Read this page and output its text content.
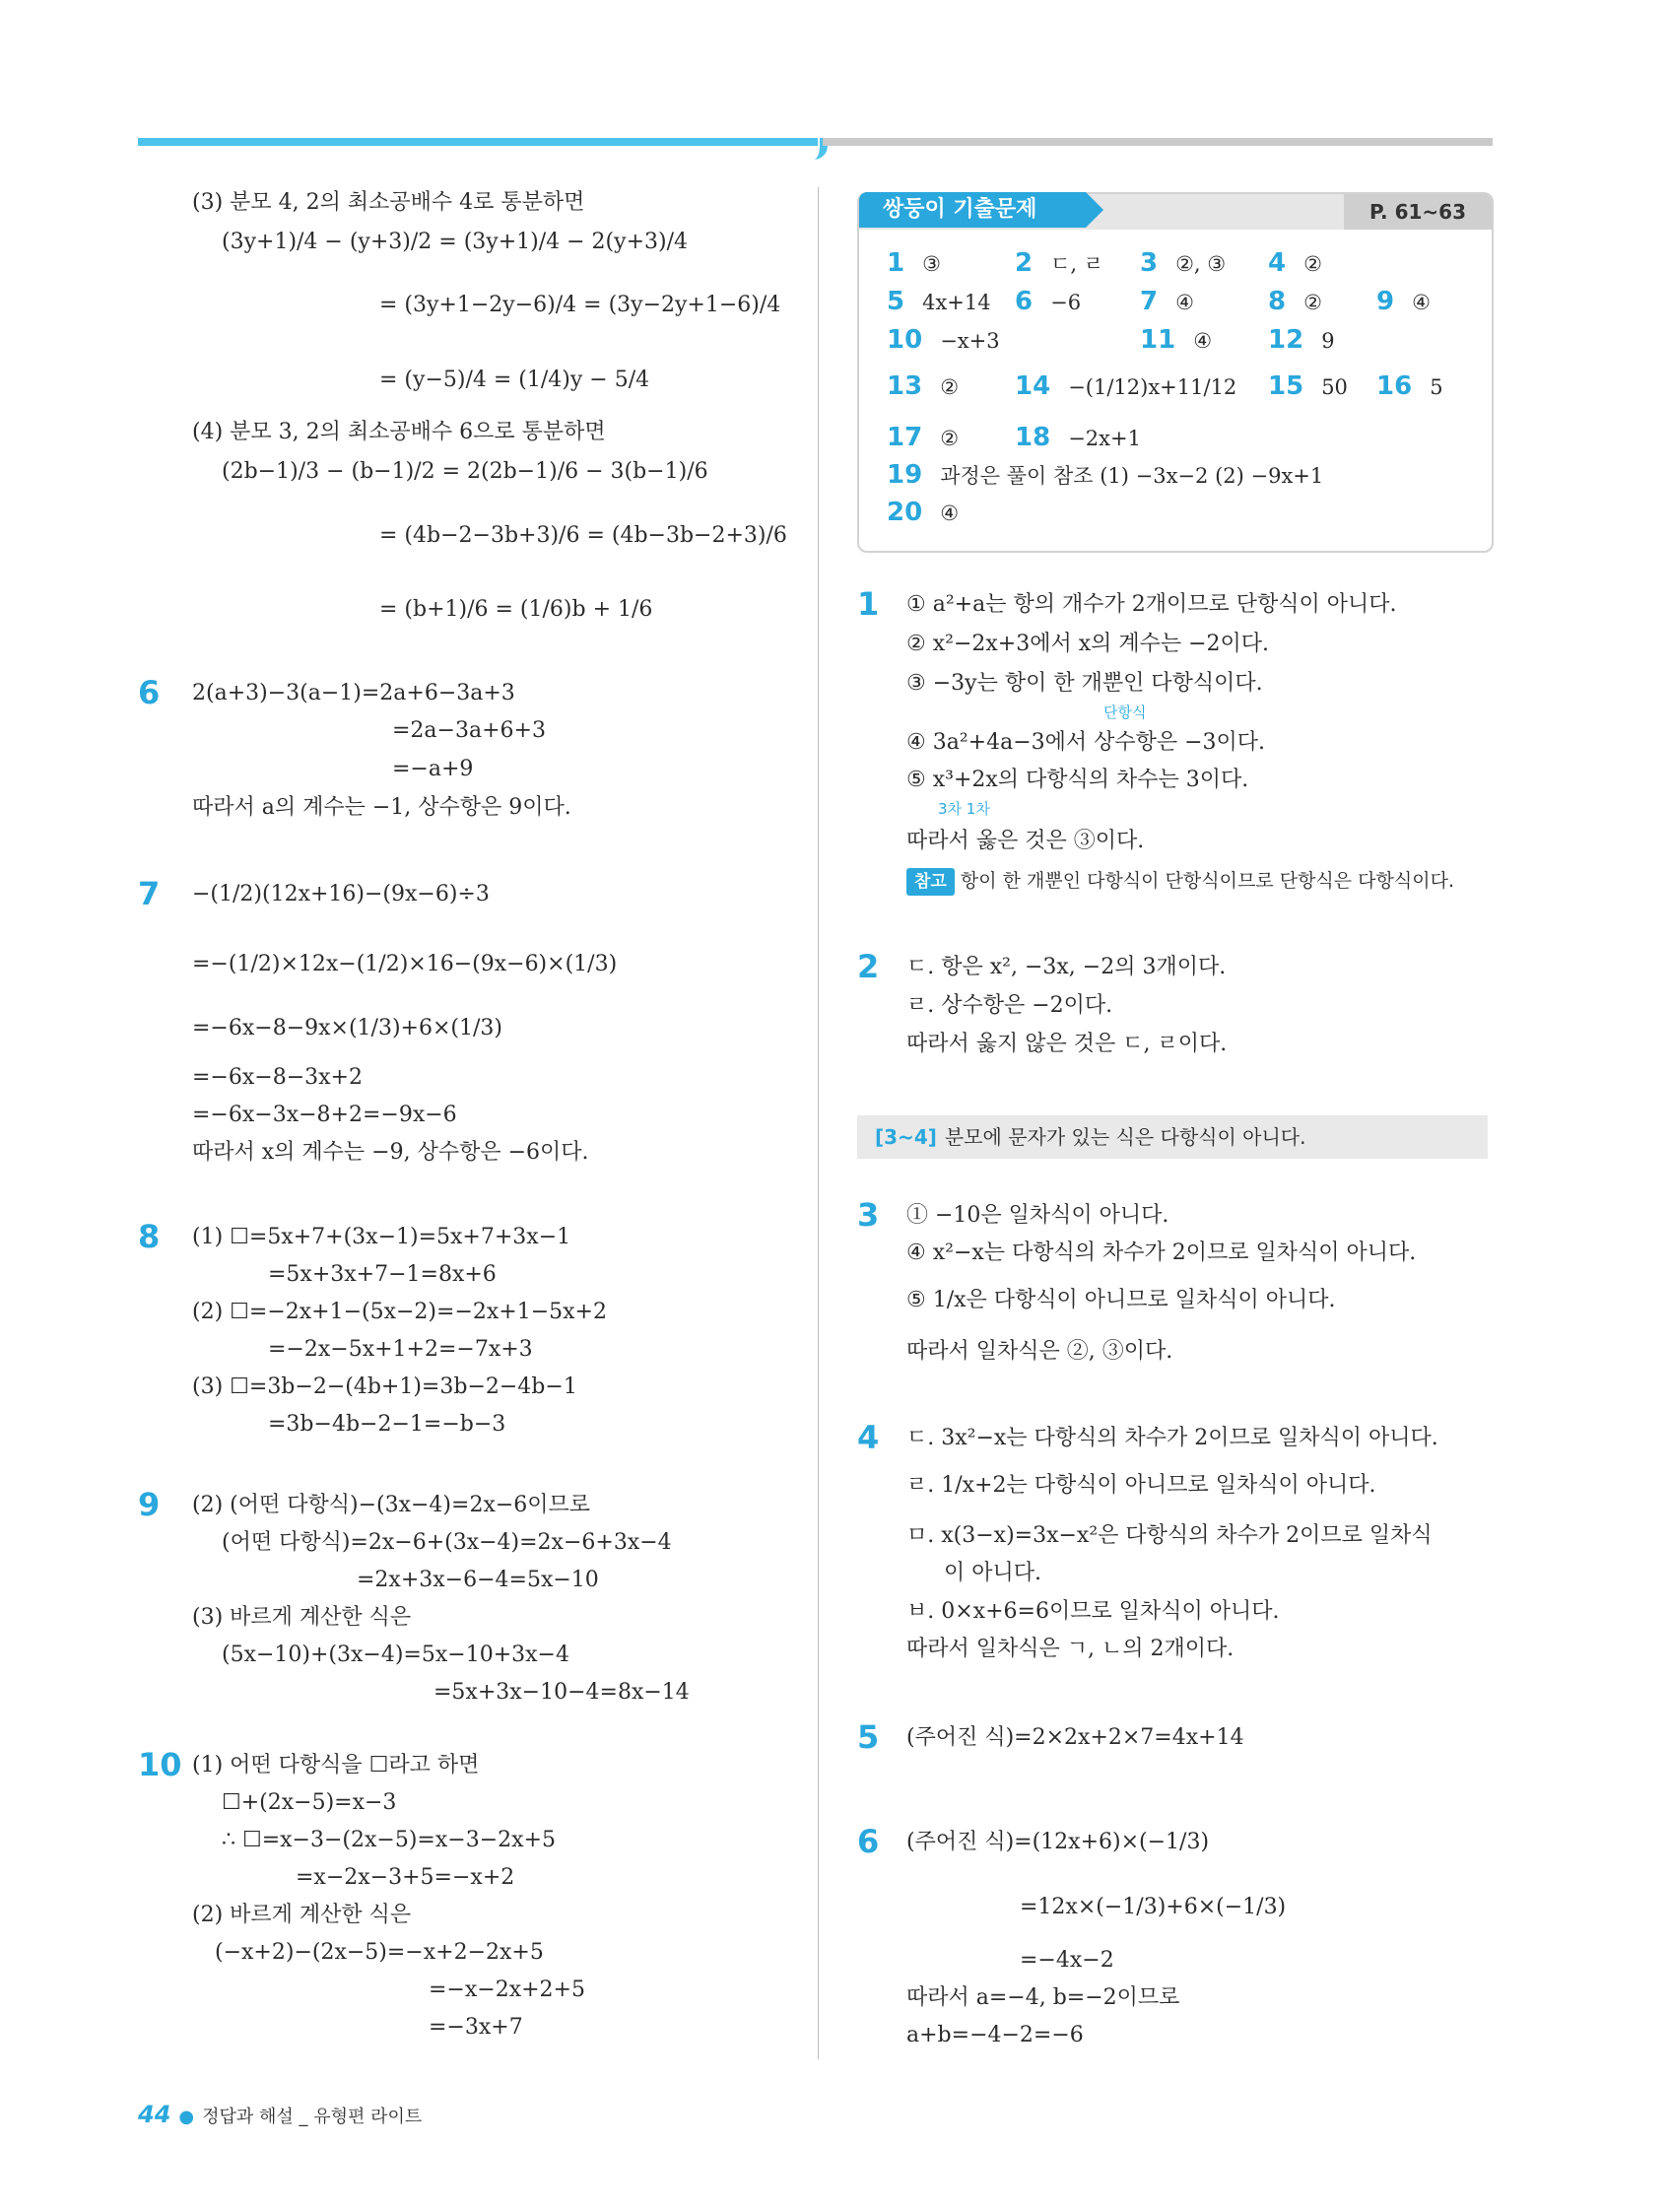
(3) 분모 4, 2의 최소공배수 4로 통분하면
(3y+1)/4 − (y+3)/2 = (3y+1)/4 − 2(y+3)/4
= (3y+1−2y−6)/4 = (3y−2y+1−6)/4
= (y−5)/4 = (1/4)y − 5/4
(4) 분모 3, 2의 최소공배수 6으로 통분하면
(2b−1)/3 − (b−1)/2 = 2(2b−1)/6 − 3(b−1)/6
= (4b−2−3b+3)/6 = (4b−3b−2+3)/6
= (b+1)/6 = (1/6)b + 1/6
6 2(a+3)−3(a−1)=2a+6−3a+3
=2a−3a+6+3
=−a+9
따라서 a의 계수는 −1, 상수항은 9이다.
7 −(1/2)(12x+16)−(9x−6)÷3
=−(1/2)×12x−(1/2)×16−(9x−6)×(1/3)
=−6x−8−9x×(1/3)+6×(1/3)
=−6x−8−3x+2
=−6x−3x−8+2=−9x−6
따라서 x의 계수는 −9, 상수항은 −6이다.
8 (1) ☐=5x+7+(3x−1)=5x+7+3x−1
=5x+3x+7−1=8x+6
(2) ☐=−2x+1−(5x−2)=−2x+1−5x+2
=−2x−5x+1+2=−7x+3
(3) ☐=3b−2−(4b+1)=3b−2−4b−1
=3b−4b−2−1=−b−3
9 (2) (어떤 다항식)−(3x−4)=2x−6이므로
(어떤 다항식)=2x−6+(3x−4)=2x−6+3x−4
=2x+3x−6−4=5x−10
(3) 바르게 계산한 식은
(5x−10)+(3x−4)=5x−10+3x−4
=5x+3x−10−4=8x−14
10 (1) 어떤 다항식을 ☐라고 하면
☐+(2x−5)=x−3
∴ ☐=x−3−(2x−5)=x−3−2x+5
=x−2x−3+5=−x+2
(2) 바르게 계산한 식은
(−x+2)−(2x−5)=−x+2−2x+5
=−x−2x+2+5
=−3x+7
쌍둥이 기출문제	P. 61~63
1 ③	2 ㄷ, ㄹ 3 ②, ③ 4 ②
5 4x+14 6 −6 7 ④	8 ② 9 ④
10 −x+3	11 ④ 12 9
13 ② 14 −(1/12)x+11/12 15 50 16 5
17 ② 18 −2x+1
19 과정은 풀이 참조 (1) −3x−2 (2) −9x+1
20 ④
1 ① a²+a는 항의 개수가 2개이므로 단항식이 아니다.
② x²−2x+3에서 x의 계수는 −2이다.
③ −3y는 항이 한 개뿐인 다항식이다.
단항식
④ 3a²+4a−3에서 상수항은 −3이다.
⑤ x³+2x의 다항식의 차수는 3이다.
3차 1차
따라서 옳은 것은 ③이다.
참고 항이 한 개뿐인 다항식이 단항식이므로 단항식은 다항식이다.
2 ㄷ. 항은 x², −3x, −2의 3개이다.
ㄹ. 상수항은 −2이다.
따라서 옳지 않은 것은 ㄷ, ㄹ이다.
[3~4] 분모에 문자가 있는 식은 다항식이 아니다.
3 ① −10은 일차식이 아니다.
④ x²−x는 다항식의 차수가 2이므로 일차식이 아니다.
⑤ 1/x은 다항식이 아니므로 일차식이 아니다.
따라서 일차식은 ②, ③이다.
4 ㄷ. 3x²−x는 다항식의 차수가 2이므로 일차식이 아니다.
ㄹ. 1/x+2는 다항식이 아니므로 일차식이 아니다.
ㅁ. x(3−x)=3x−x²은 다항식의 차수가 2이므로 일차식
이 아니다.
ㅂ. 0×x+6=6이므로 일차식이 아니다.
따라서 일차식은 ㄱ, ㄴ의 2개이다.
5 (주어진 식)=2×2x+2×7=4x+14
6 (주어진 식)=(12x+6)×(−1/3)
=12x×(−1/3)+6×(−1/3)
=−4x−2
따라서 a=−4, b=−2이므로
a+b=−4−2=−6
44 ● 정답과 해설 _ 유형편 라이트
